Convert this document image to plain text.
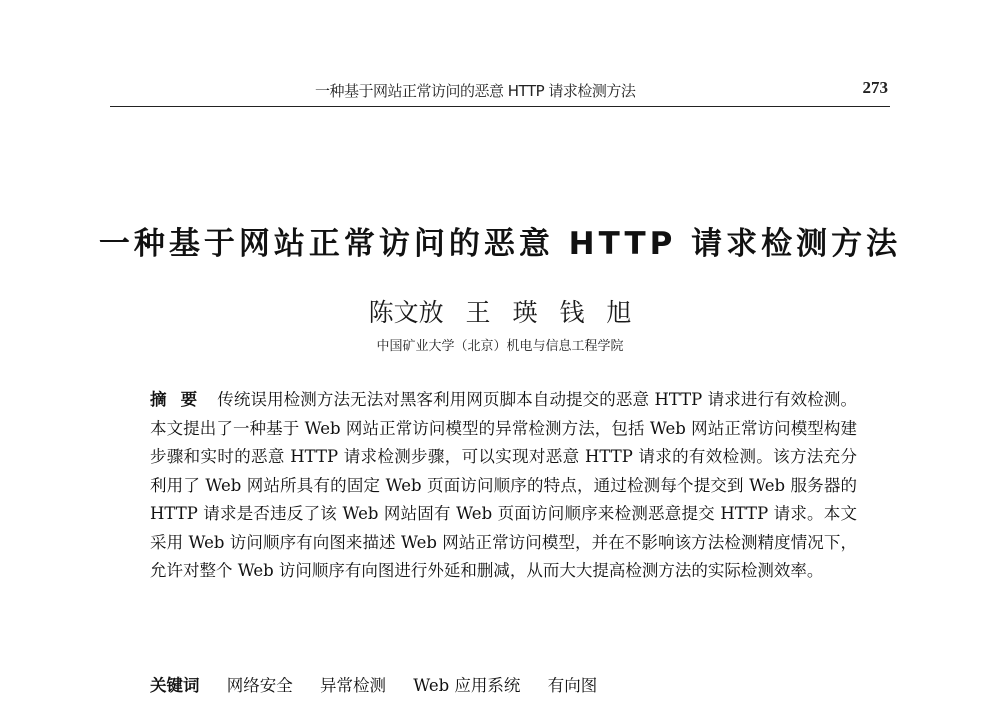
一种基于网站正常访问的恶意 HTTP 请求检测方法	273
一种基于网站正常访问的恶意 HTTP 请求检测方法
陈文放 王 瑛 钱 旭
中国矿业大学（北京）机电与信息工程学院

摘要 传统误用检测方法无法对黑客利用网页脚本自动提交的恶意 HTTP 请求进行有效检测。本文提出了一种基于 Web 网站正常访问模型的异常检测方法，包括 Web 网站正常访问模型构建步骤和实时的恶意 HTTP 请求检测步骤，可以实现对恶意 HTTP 请求的有效检测。该方法充分利用了 Web 网站所具有的固定 Web 页面访问顺序的特点，通过检测每个提交到 Web 服务器的 HTTP 请求是否违反了该 Web 网站固有 Web 页面访问顺序来检测恶意提交 HTTP 请求。本文采用 Web 访问顺序有向图来描述 Web 网站正常访问模型，并在不影响该方法检测精度情况下，允许对整个 Web 访问顺序有向图进行外延和删减，从而大大提高检测方法的实际检测效率。

关键词 网络安全 异常检测 Web 应用系统 有向图
